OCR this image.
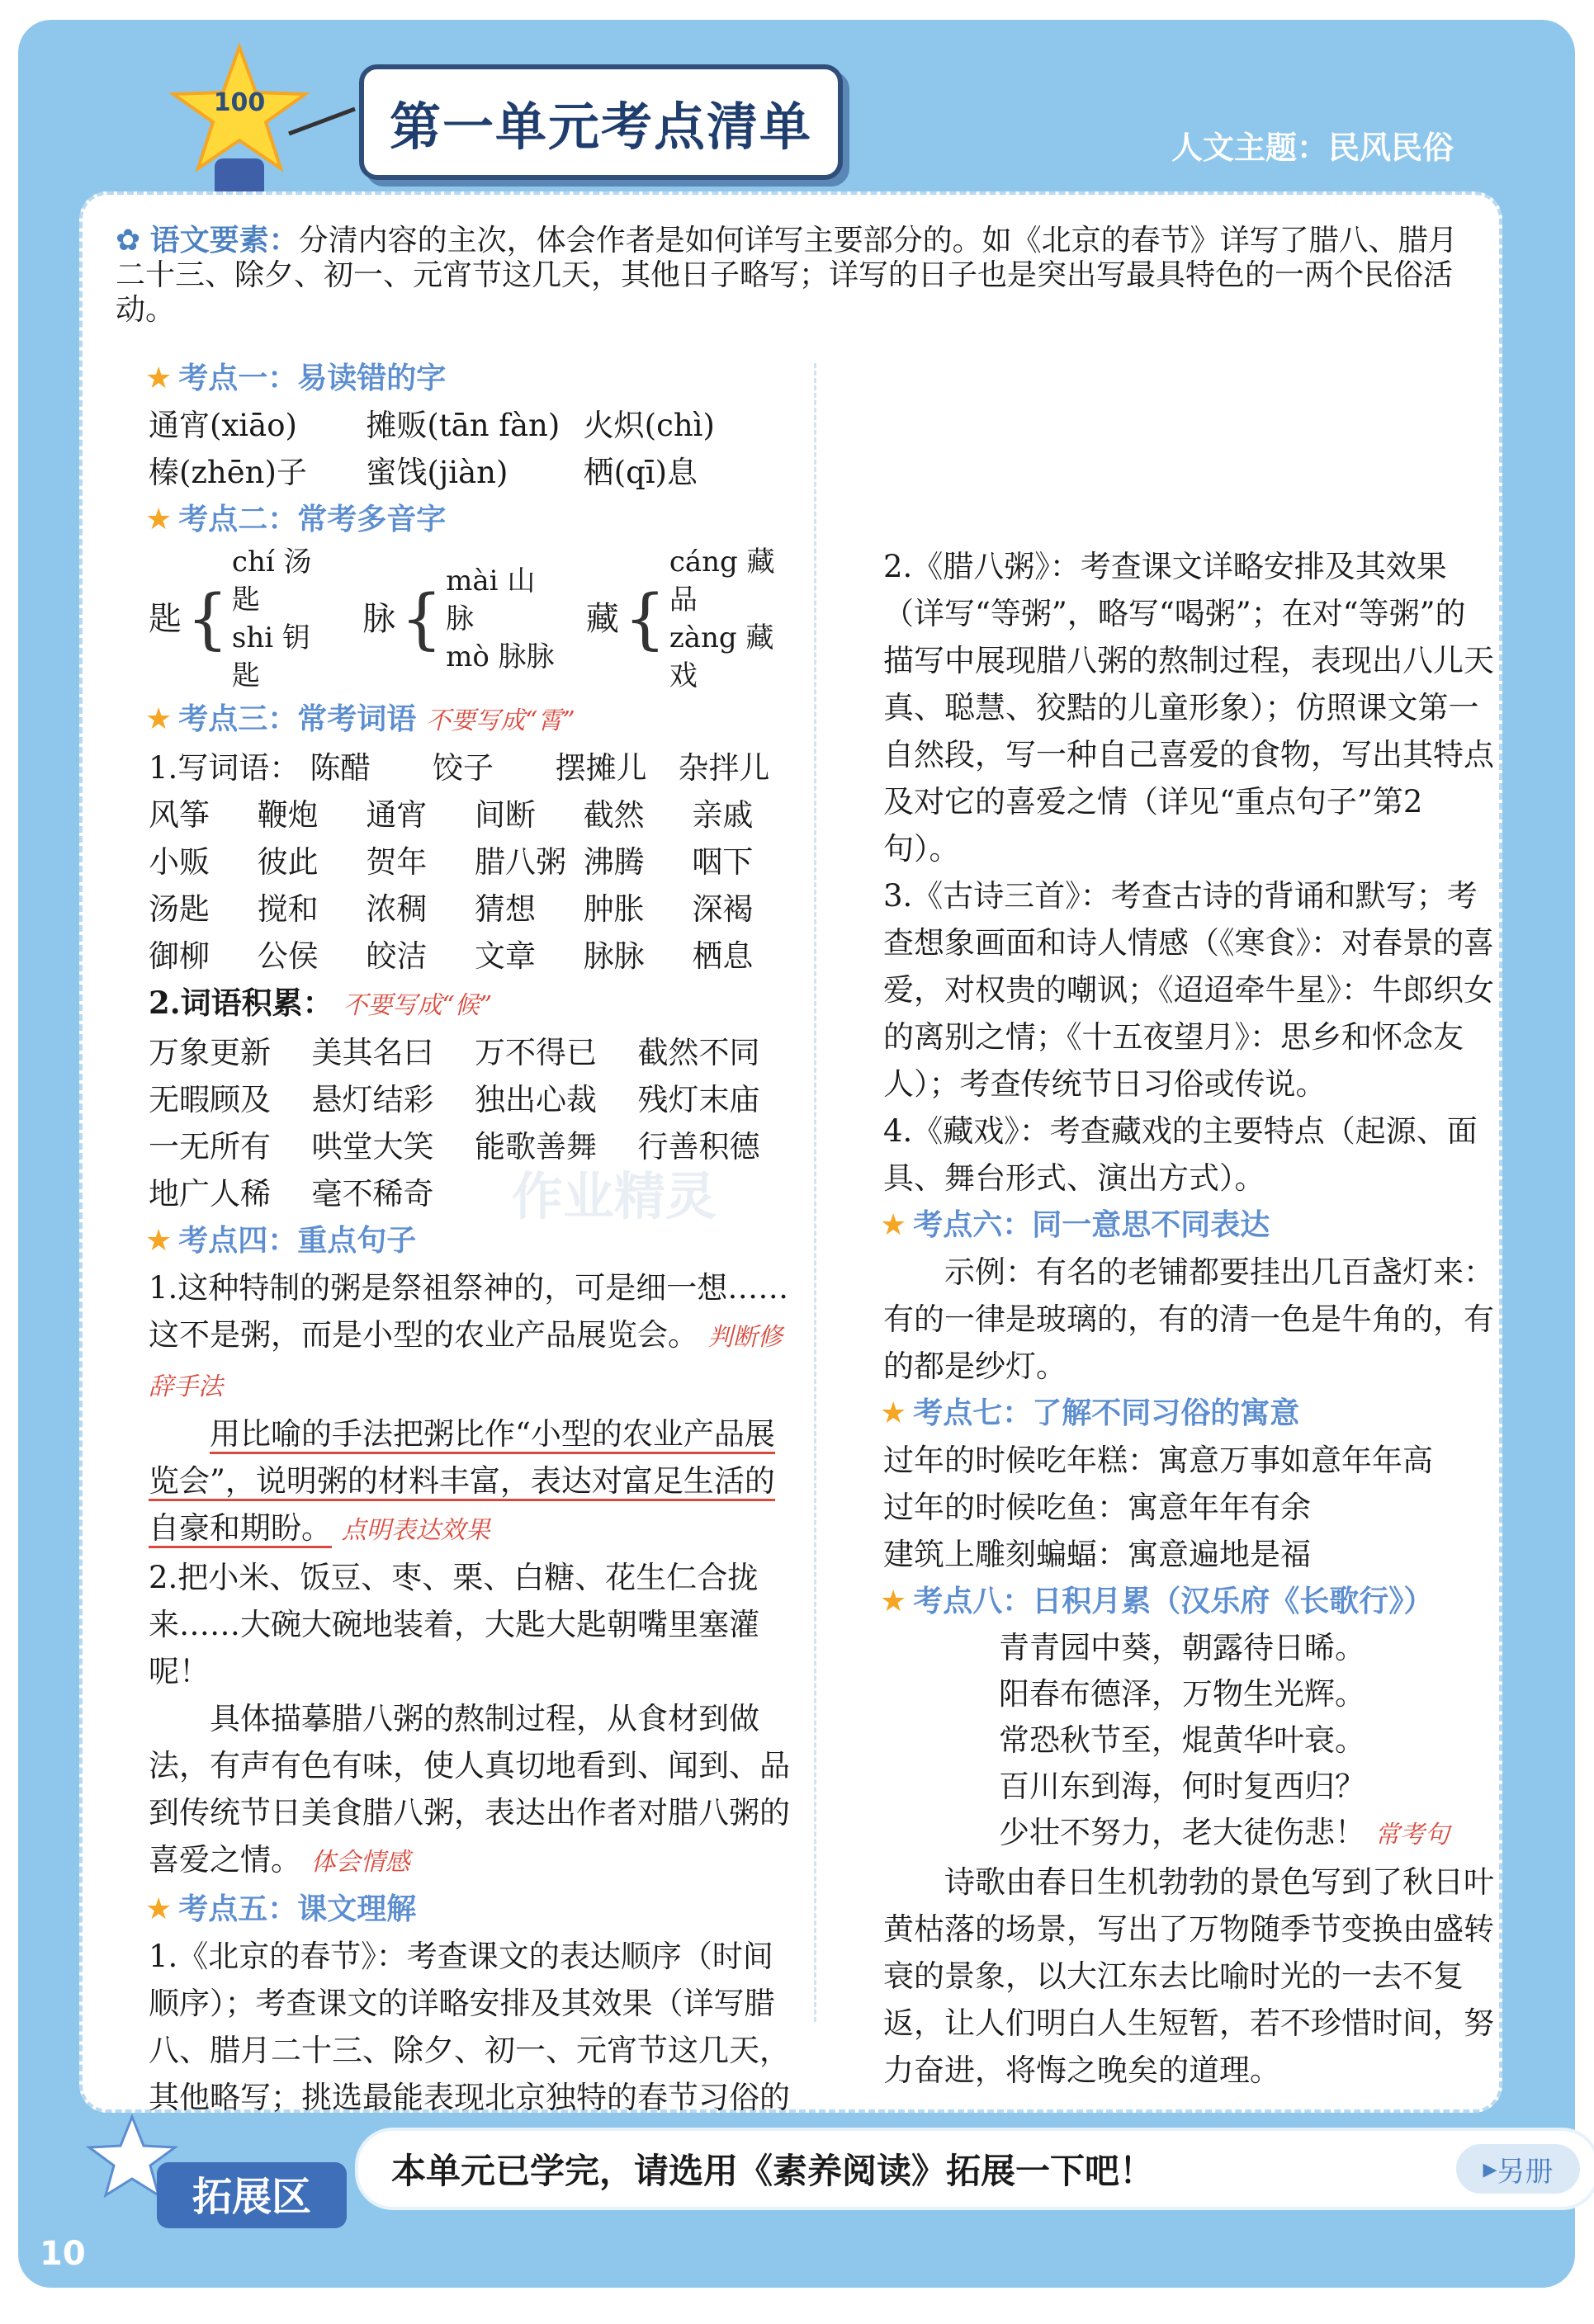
100 第一单元考点清单	人文主题：民风民俗
✿ 语文要素：分清内容的主次，体会作者是如何详写主要部分的。如《北京的春节》详写了腊八、腊月二十三、除夕、初一、元宵节这几天，其他日子略写；详写的日子也是突出写最具特色的一两个民俗活动。
作业精灵
★ 考点一：易读错的字
通宵(xiāo)	摊贩(tān fàn) 火炽(chì)
榛(zhēn)子	蜜饯(jiàn)	栖(qī)息
★ 考点二：常考多音字
匙 {
chí 汤匙
shi 钥匙
脉 { mài 山脉
mò 脉脉
藏 {
cáng 藏品
zàng 藏戏
★ 考点三：常考词语 不要写成“霄”
1.写词语： 陈醋	饺子	摆摊儿	杂拌儿
风筝	鞭炮	通宵	间断	截然	亲戚
小贩	彼此	贺年	腊八粥 沸腾	咽下
汤匙	搅和	浓稠	猜想	肿胀	深褐
御柳	公侯	皎洁	文章	脉脉	栖息
2.词语积累： 不要写成“候”
万象更新	美其名曰	万不得已	截然不同
无暇顾及	悬灯结彩	独出心裁	残灯末庙
一无所有	哄堂大笑	能歌善舞	行善积德
地广人稀	毫不稀奇
★ 考点四：重点句子
1.这种特制的粥是祭祖祭神的，可是细一想……这不是粥，而是小型的农业产品展览会。 判断修辞手法
用比喻的手法把粥比作“小型的农业产品展览会”，说明粥的材料丰富，表达对富足生活的自豪和期盼。 点明表达效果
2.把小米、饭豆、枣、栗、白糖、花生仁合拢来……大碗大碗地装着，大匙大匙朝嘴里塞灌呢！
具体描摹腊八粥的熬制过程，从食材到做法，有声有色有味，使人真切地看到、闻到、品到传统节日美食腊八粥，表达出作者对腊八粥的喜爱之情。 体会情感
★ 考点五：课文理解
1.《北京的春节》：考查课文的表达顺序（时间顺序）；考查课文的详略安排及其效果（详写腊八、腊月二十三、除夕、初一、元宵节这几天，其他略写；挑选最能表现北京独特的春节习俗的
2.《腊八粥》：考查课文详略安排及其效果（详写“等粥”，略写“喝粥”；在对“等粥”的描写中展现腊八粥的熬制过程，表现出八儿天真、聪慧、狡黠的儿童形象）；仿照课文第一自然段，写一种自己喜爱的食物，写出其特点及对它的喜爱之情（详见“重点句子”第2句）。
3.《古诗三首》：考查古诗的背诵和默写；考查想象画面和诗人情感（《寒食》：对春景的喜爱，对权贵的嘲讽；《迢迢牵牛星》：牛郎织女的离别之情；《十五夜望月》：思乡和怀念友人）；考查传统节日习俗或传说。
4.《藏戏》：考查藏戏的主要特点（起源、面具、舞台形式、演出方式）。
★ 考点六：同一意思不同表达
示例：有名的老铺都要挂出几百盏灯来：有的一律是玻璃的，有的清一色是牛角的，有的都是纱灯。
★ 考点七：了解不同习俗的寓意
过年的时候吃年糕：寓意万事如意年年高
过年的时候吃鱼：寓意年年有余
建筑上雕刻蝙蝠：寓意遍地是福
★ 考点八：日积月累（汉乐府《长歌行》）
青青园中葵，朝露待日晞。
阳春布德泽，万物生光辉。
常恐秋节至，焜黄华叶衰。
百川东到海，何时复西归？
少壮不努力，老大徒伤悲！ 常考句
诗歌由春日生机勃勃的景色写到了秋日叶黄枯落的场景，写出了万物随季节变换由盛转衰的景象，以大江东去比喻时光的一去不复返，让人们明白人生短暂，若不珍惜时间，努力奋进，将悔之晚矣的道理。
拓展区
本单元已学完，请选用《素养阅读》拓展一下吧！	▸ 另册
10
